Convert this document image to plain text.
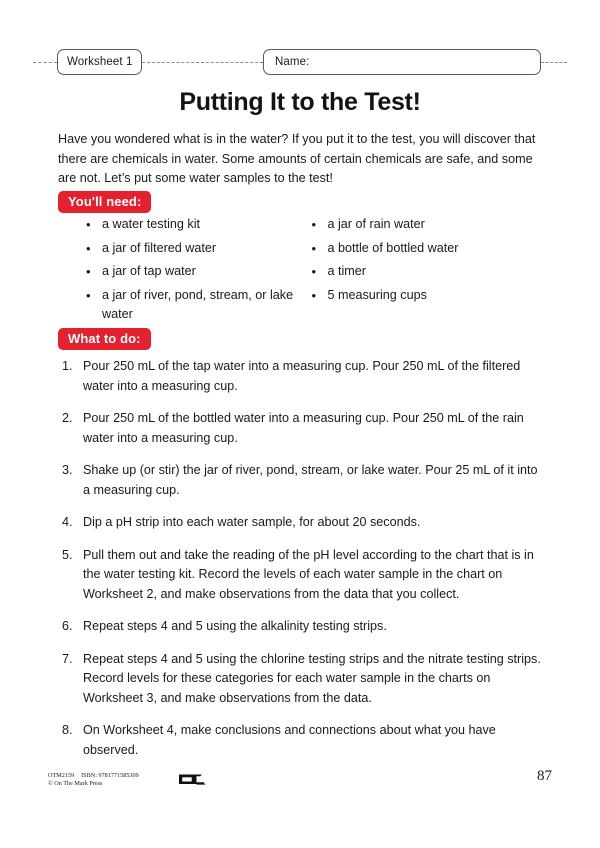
Worksheet 1	Name:
Putting It to the Test!
Have you wondered what is in the water? If you put it to the test, you will discover that there are chemicals in water. Some amounts of certain chemicals are safe, and some are not. Let’s put some water samples to the test!
You'll need:
• a water testing kit
• a jar of filtered water
• a jar of tap water
• a jar of river, pond, stream, or lake water
• a jar of rain water
• a bottle of bottled water
• a timer
• 5 measuring cups
What to do:
1. Pour 250 mL of the tap water into a measuring cup. Pour 250 mL of the filtered water into a measuring cup.
2. Pour 250 mL of the bottled water into a measuring cup. Pour 250 mL of the rain water into a measuring cup.
3. Shake up (or stir) the jar of river, pond, stream, or lake water. Pour 25 mL of it into a measuring cup.
4. Dip a pH strip into each water sample, for about 20 seconds.
5. Pull them out and take the reading of the pH level according to the chart that is in the water testing kit. Record the levels of each water sample in the chart on Worksheet 2, and make observations from the data that you collect.
6. Repeat steps 4 and 5 using the alkalinity testing strips.
7. Repeat steps 4 and 5 using the chlorine testing strips and the nitrate testing strips. Record levels for these categories for each water sample in the charts on Worksheet 3, and make observations from the data.
8. On Worksheet 4, make conclusions and connections about what you have observed.
OTM2159 ISBN: 9781771585309
© On The Mark Press	87
